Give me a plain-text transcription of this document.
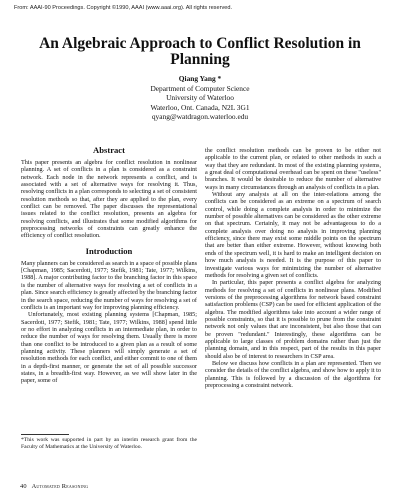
From: AAAI-90 Proceedings. Copyright ©1990, AAAI (www.aaai.org). All rights reserved.
An Algebraic Approach to Conflict Resolution in Planning
Qiang Yang *
Department of Computer Science
University of Waterloo
Waterloo, Ont. Canada, N2L 3G1
qyang@watdragon.waterloo.edu
Abstract

This paper presents an algebra for conflict resolution in nonlinear planning. A set of conflicts in a plan is considered as a constraint network. Each node in the network represents a conflict, and is associated with a set of alternative ways for resolving it. Thus, resolving conflicts in a plan corresponds to selecting a set of consistent resolution methods so that, after they are applied to the plan, every conflict can be removed. The paper discusses the representational issues related to the conflict resolution, presents an algebra for resolving conflicts, and illustrates that some modified algorithms for preprocessing networks of constraints can greatly enhance the efficiency of conflict resolution.

Introduction

Many planners can be considered as search in a space of possible plans [Chapman, 1985; Sacerdoti, 1977; Stefik, 1981; Tate, 1977; Wilkins, 1988]. A major contributing factor to the branching factor in this space is the number of alternative ways for resolving a set of conflicts in a plan. Since search efficiency is greatly affected by the branching factor in the search space, reducing the number of ways for resolving a set of conflicts is an important way for improving planning efficiency.

Unfortunately, most existing planning systems [Chapman, 1985; Sacerdoti, 1977; Stefik, 1981; Tate, 1977; Wilkins, 1988] spend little or no effort in analyzing conflicts in an intermediate plan, in order to reduce the number of ways for resolving them. Usually there is more than one conflict to be introduced to a given plan as a result of some planning activity. These planners will simply generate a set of resolution methods for each conflict, and either commit to one of them in a depth-first manner, or generate the set of all possible successor states, in a breadth-first way. However, as we will show later in the paper, some of

the conflict resolution methods can be proven to be either not applicable to the current plan, or related to other methods in such a way that they are redundant. In most of the existing planning systems, a great deal of computational overhead can be spent on these "useless" branches. It would be desirable to reduce the number of alternative ways in many circumstances through an analysis of conflicts in a plan.

Without any analysis at all on the inter-relations among the conflicts can be considered as an extreme on a spectrum of search control, while doing a complete analysis in order to minimize the number of possible alternatives can be considered as the other extreme on that spectrum. Certainly, it may not be advantageous to do a complete analysis over doing no analysis in improving planning efficiency, since there may exist some middle points on the spectrum that are better than either extreme. However, without knowing both ends of the spectrum well, it is hard to make an intelligent decision on how much analysis is needed. It is the purpose of this paper to investigate various ways for minimizing the number of alternative methods for resolving a given set of conflicts.

In particular, this paper presents a conflict algebra for analyzing methods for resolving a set of conflicts in nonlinear plans. Modified versions of the preprocessing algorithms for network based constraint satisfaction problems (CSP) can be used for efficient application of the algebra. The modified algorithms take into account a wider range of possible constraints, so that it is possible to prune from the constraint network not only values that are inconsistent, but also those that can be proven "redundant." Interestingly, these algorithms can be applicable to large classes of problem domains rather than just the planning domain, and in this respect, part of the results in this paper should also be of interest to researchers in CSP area.

Below we discuss how conflicts in a plan are represented. Then we consider the details of the conflict algebra, and show how to apply it to planning. This is followed by a discussion of the algorithms for preprocessing a constraint network.

*This work was supported in part by an interim research grant from the Faculty of Mathematics at the University of Waterloo.
40 Automated Reasoning
